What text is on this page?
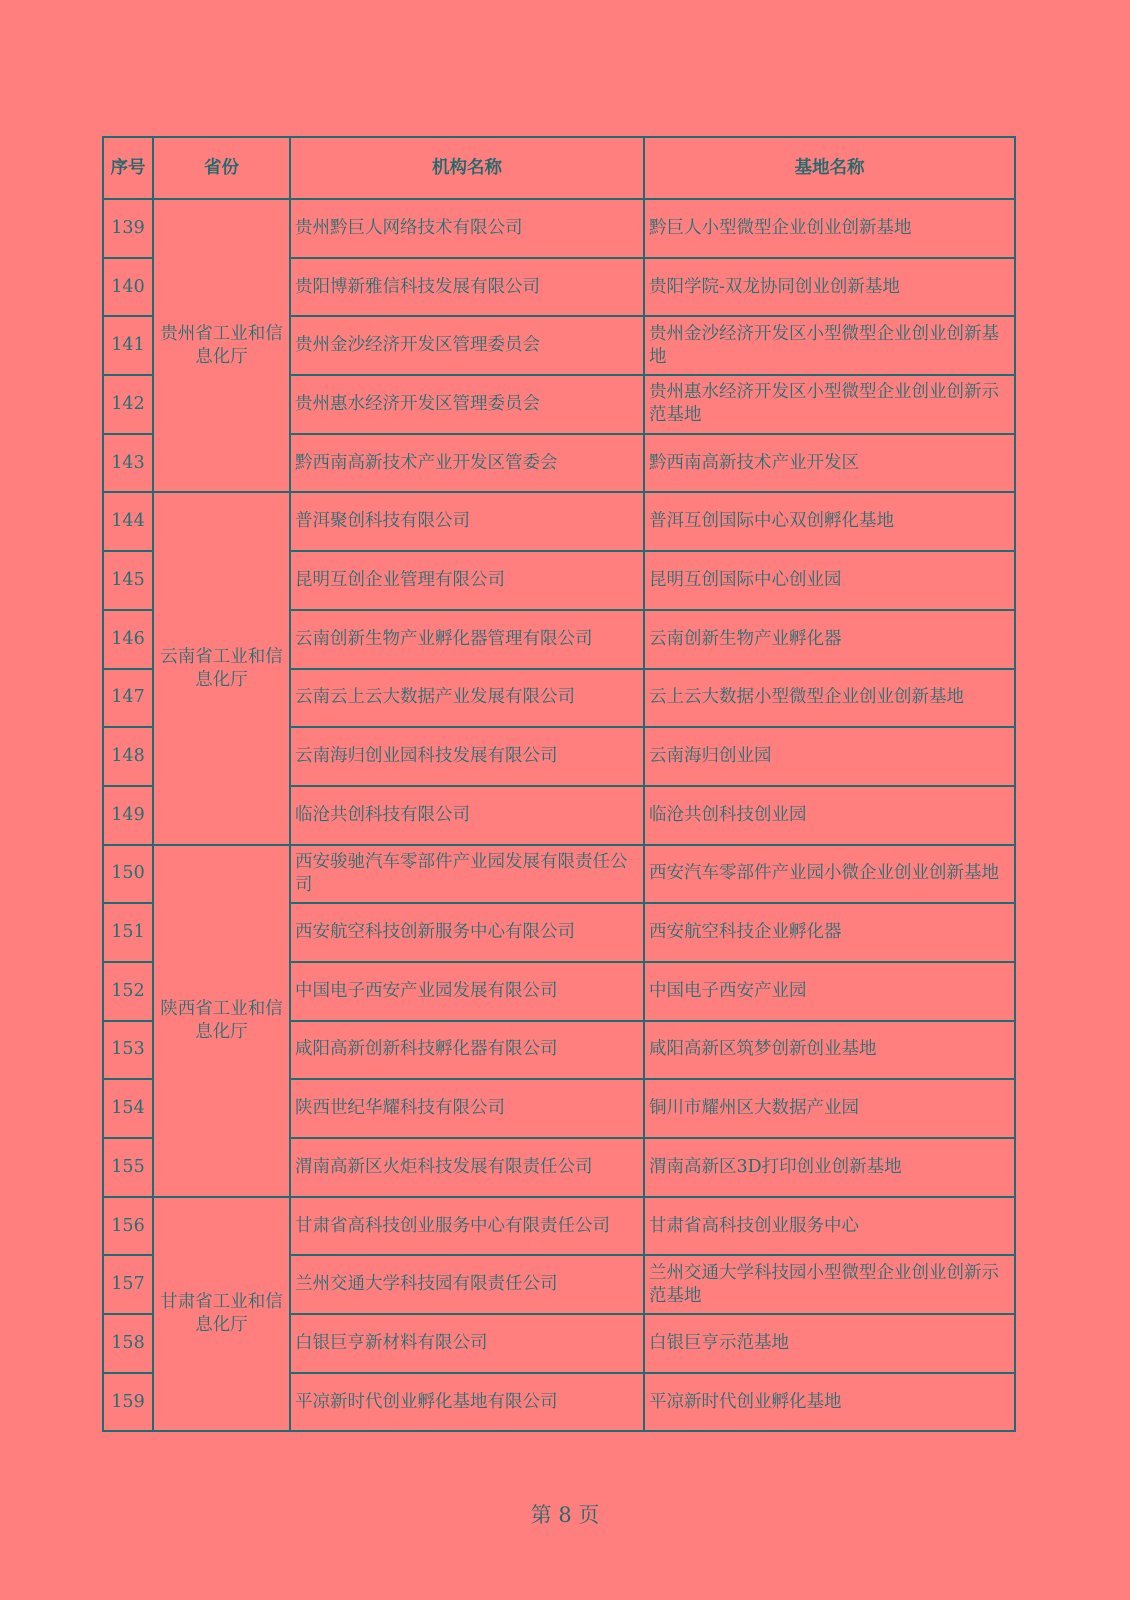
序号	省份	机构名称	基地名称
139	贵州省工业和信息化厅	贵州黔巨人网络技术有限公司	黔巨人小型微型企业创业创新基地
140		贵阳博新雅信科技发展有限公司	贵阳学院-双龙协同创业创新基地
141		贵州金沙经济开发区管理委员会	贵州金沙经济开发区小型微型企业创业创新基地
142		贵州惠水经济开发区管理委员会	贵州惠水经济开发区小型微型企业创业创新示范基地
143		黔西南高新技术产业开发区管委会	黔西南高新技术产业开发区
144	云南省工业和信息化厅	普洱聚创科技有限公司	普洱互创国际中心双创孵化基地
145		昆明互创企业管理有限公司	昆明互创国际中心创业园
146		云南创新生物产业孵化器管理有限公司	云南创新生物产业孵化器
147		云南云上云大数据产业发展有限公司	云上云大数据小型微型企业创业创新基地
148		云南海归创业园科技发展有限公司	云南海归创业园
149		临沧共创科技有限公司	临沧共创科技创业园
150	陕西省工业和信息化厅	西安骏驰汽车零部件产业园发展有限责任公司	西安汽车零部件产业园小微企业创业创新基地
151		西安航空科技创新服务中心有限公司	西安航空科技企业孵化器
152		中国电子西安产业园发展有限公司	中国电子西安产业园
153		咸阳高新创新科技孵化器有限公司	咸阳高新区筑梦创新创业基地
154		陕西世纪华耀科技有限公司	铜川市耀州区大数据产业园
155		渭南高新区火炬科技发展有限责任公司	渭南高新区3D打印创业创新基地
156	甘肃省工业和信息化厅	甘肃省高科技创业服务中心有限责任公司	甘肃省高科技创业服务中心
157		兰州交通大学科技园有限责任公司	兰州交通大学科技园小型微型企业创业创新示范基地
158		白银巨亨新材料有限公司	白银巨亨示范基地
159		平凉新时代创业孵化基地有限公司	平凉新时代创业孵化基地
第 8 页
